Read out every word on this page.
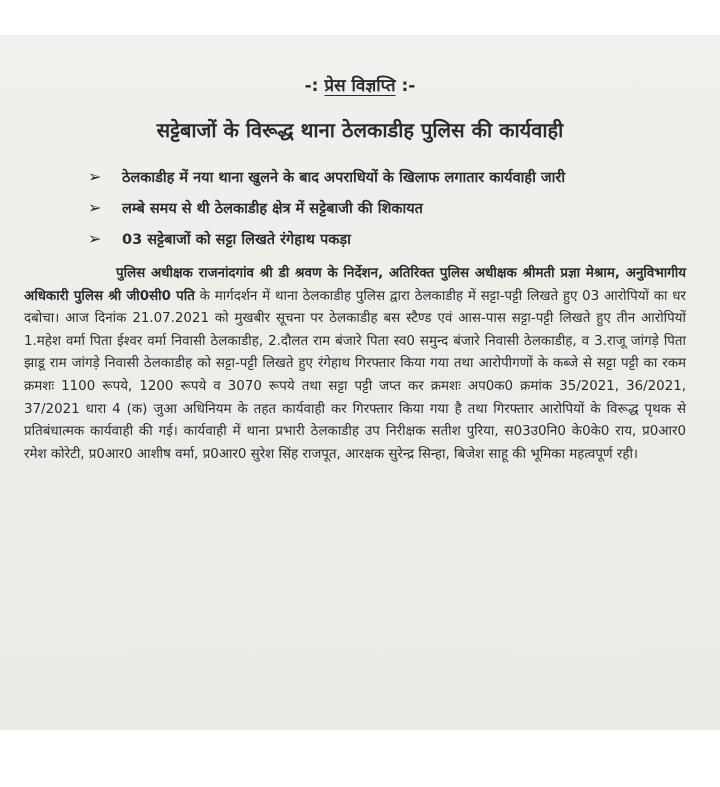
-: प्रेस विज्ञप्ति :-
सट्टेबाजों के विरूद्ध थाना ठेलकाडीह पुलिस की कार्यवाही
➢	ठेलकाडीह में नया थाना खुलने के बाद अपराधियों के खिलाफ लगातार कार्यवाही जारी
➢	लम्बे समय से थी ठेलकाडीह क्षेत्र में सट्टेबाजी की शिकायत
➢	03 सट्टेबाजों को सट्टा लिखते रंगेहाथ पकड़ा

पुलिस अधीक्षक राजनांदगांव श्री डी श्रवण के निर्देशन, अतिरिक्त पुलिस अधीक्षक श्रीमती प्रज्ञा मेश्राम, अनुविभागीय अधिकारी पुलिस श्री जी0सी0 पति के मार्गदर्शन में थाना ठेलकाडीह पुलिस द्वारा ठेलकाडीह में सट्टा-पट्टी लिखते हुए 03 आरोपियों का धर दबोचा। आज दिनांक 21.07.2021 को मुखबीर सूचना पर ठेलकाडीह बस स्टैण्ड एवं आस-पास सट्टा-पट्टी लिखते हुए तीन आरोपियों 1.महेश वर्मा पिता ईश्वर वर्मा निवासी ठेलकाडीह, 2.दौलत राम बंजारे पिता स्व0 समुन्द बंजारे निवासी ठेलकाडीह, व 3.राजू जांगड़े पिता झाडू राम जांगड़े निवासी ठेलकाडीह को सट्टा-पट्टी लिखते हुए रंगेहाथ गिरफ्तार किया गया तथा आरोपीगणों के कब्जे से सट्टा पट्टी का रकम क्रमशः 1100 रूपये, 1200 रूपये व 3070 रूपये तथा सट्टा पट्टी जप्त कर क्रमशः अप0क0 क्रमांक 35/2021, 36/2021, 37/2021 धारा 4 (क) जुआ अधिनियम के तहत कार्यवाही कर गिरफ्तार किया गया है तथा गिरफ्तार आरोपियों के विरूद्ध पृथक से प्रतिबंधात्मक कार्यवाही की गई। कार्यवाही में थाना प्रभारी ठेलकाडीह उप निरीक्षक सतीश पुरिया, स03उ0नि0 के0के0 राय, प्र0आर0 रमेश कोरेटी, प्र0आर0 आशीष वर्मा, प्र0आर0 सुरेश सिंह राजपूत, आरक्षक सुरेन्द्र सिन्हा, बिजेश साहू की भूमिका महत्वपूर्ण रही।
